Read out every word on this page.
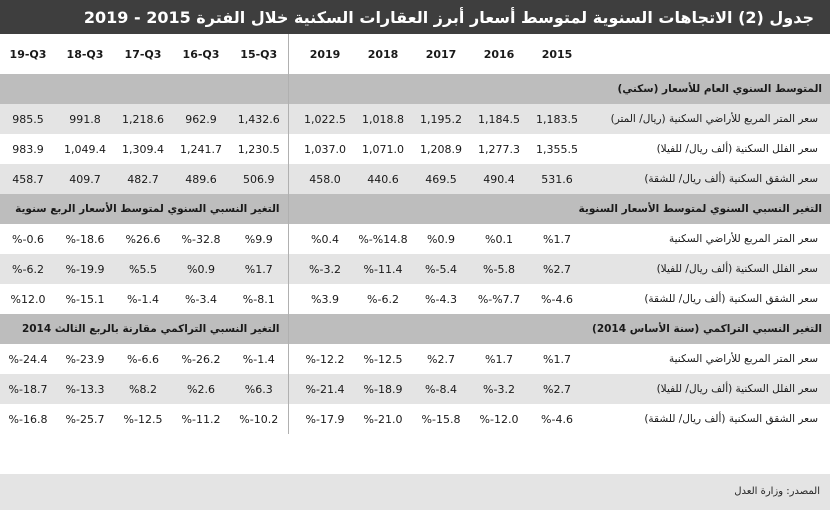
جدول (2) الاتجاهات السنوية لمتوسط أسعار أبرز العقارات السكنية خلال الفترة 2015 - 2019
19-Q3	18-Q3	17-Q3	16-Q3	15-Q3		2019	2018	2017	2016	2015	
						المتوسط السنوي العام للأسعار (سكني)					
985.5	991.8	1,218.6	962.9	1,432.6		1,022.5	1,018.8	1,195.2	1,184.5	1,183.5	سعر المتر المربع للأراضي السكنية (ريال/ المتر)
983.9	1,049.4	1,309.4	1,241.7	1,230.5		1,037.0	1,071.0	1,208.9	1,277.3	1,355.5	سعر الفلل السكنية (ألف ريال/ للفيلا)
458.7	409.7	482.7	489.6	506.9		458.0	440.6	469.5	490.4	531.6	سعر الشقق السكنية (ألف ريال/ للشقة)
التغير النسبي السنوي لمتوسط الأسعار الربع سنوية						التغير النسبي السنوي لمتوسط الأسعار السنوية					
%-0.6	%-18.6	%26.6	%-32.8	%9.9		%0.4	%-%14.8	%0.9	%0.1	%1.7	سعر المتر المربع للأراضي السكنية
%-6.2	%-19.9	%5.5	%0.9	%1.7		%-3.2	%-11.4	%-5.4	%-5.8	%2.7	سعر الفلل السكنية (ألف ريال/ للفيلا)
%12.0	%-15.1	%-1.4	%-3.4	%-8.1		%3.9	%-6.2	%-4.3	%-%7.7	%-4.6	سعر الشقق السكنية (ألف ريال/ للشقة)
التغير النسبي التراكمي مقارنة بالربع الثالث 2014						التغير النسبي التراكمي (سنة الأساس 2014)					
%-24.4	%-23.9	%-6.6	%-26.2	%-1.4		%-12.2	%-12.5	%2.7	%1.7	%1.7	سعر المتر المربع للأراضي السكنية
%-18.7	%-13.3	%8.2	%2.6	%6.3		%-21.4	%-18.9	%-8.4	%-3.2	%2.7	سعر الفلل السكنية (ألف ريال/ للفيلا)
%-16.8	%-25.7	%-12.5	%-11.2	%-10.2		%-17.9	%-21.0	%-15.8	%-12.0	%-4.6	سعر الشقق السكنية (ألف ريال/ للشقة)
المصدر: وزارة العدل
